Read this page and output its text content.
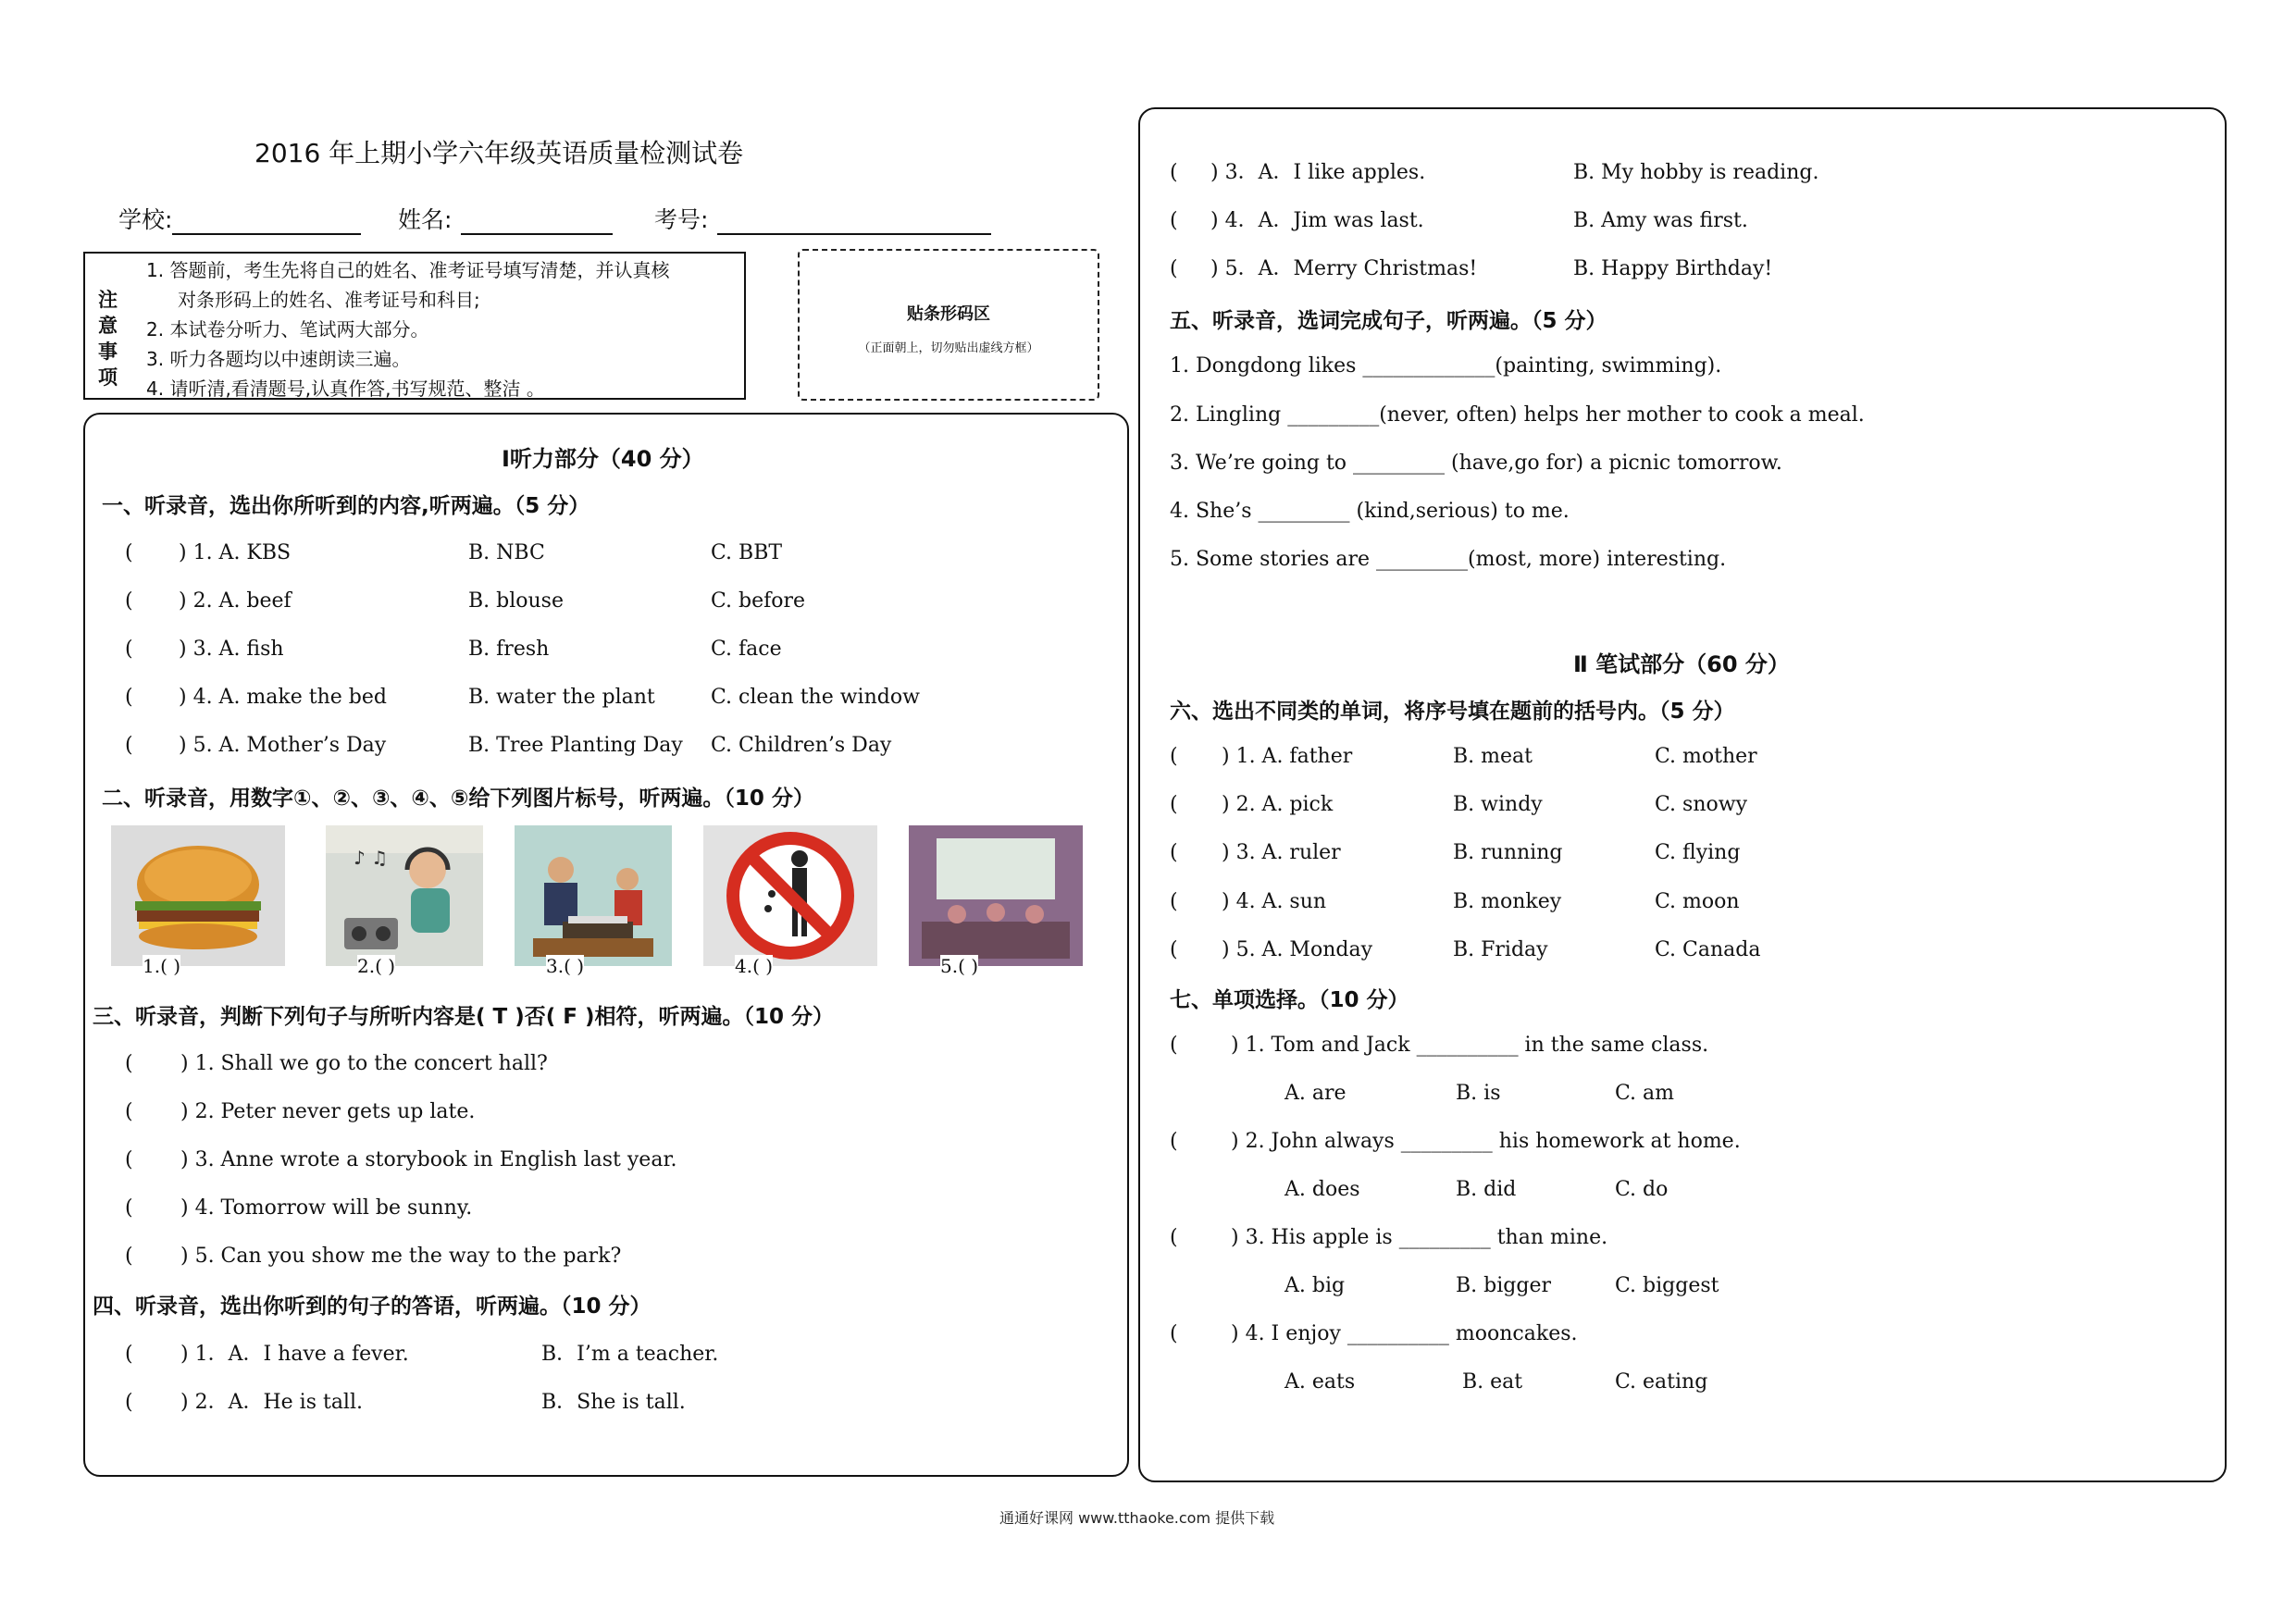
2016 年上期小学六年级英语质量检测试卷
学校:	姓名:	考号:
注
意
事
项
1. 答题前，考生先将自己的姓名、准考证号填写清楚，并认真核
对条形码上的姓名、准考证号和科目;
2. 本试卷分听力、笔试两大部分。
3. 听力各题均以中速朗读三遍。
4. 请听清,看清题号,认真作答,书写规范、整洁 。
贴条形码区
（正面朝上，切勿贴出虚线方框）
Ⅰ听力部分（40 分）
一、听录音，选出你所听到的内容,听两遍。（5 分）
( ) 1. A. KBS	B. NBC	C. BBT
( ) 2. A. beef	B. blouse	C. before
( ) 3. A. fish	B. fresh	C. face
( ) 4. A. make the bed	B. water the plant	C. clean the window
( ) 5. A. Mother’s Day	B. Tree Planting Day C. Children’s Day
二、听录音，用数字①、②、③、④、⑤给下列图片标号，听两遍。（10 分）
1.( )
♪ ♫
2.( )	3.( )	4.( )	5.( )
三、听录音，判断下列句子与所听内容是( T )否( F )相符，听两遍。（10 分）
( ) 1. Shall we go to the concert hall?
( ) 2. Peter never gets up late.
( ) 3. Anne wrote a storybook in English last year.
( ) 4. Tomorrow will be sunny.
( ) 5. Can you show me the way to the park?
四、听录音，选出你听到的句子的答语，听两遍。（10 分）
( ) 1．A．I have a fever.	B．I’m a teacher.
( ) 2．A．He is tall.	B．She is tall.
( ) 3．A．I like apples.	B. My hobby is reading.
( ) 4．A．Jim was last.	B. Amy was first.
( ) 5．A．Merry Christmas!	B. Happy Birthday!
五、听录音，选词完成句子，听两遍。（5 分）
1. Dongdong likes _____________(painting, swimming).
2. Lingling _________(never, often) helps her mother to cook a meal.
3. We’re going to _________ (have,go for) a picnic tomorrow.
4. She’s _________ (kind,serious) to me.
5. Some stories are _________(most, more) interesting.
Ⅱ 笔试部分（60 分）
六、选出不同类的单词，将序号填在题前的括号内。（5 分）
( ) 1. A. father	B. meat	C. mother
( ) 2. A. pick	B. windy	C. snowy
( ) 3. A. ruler	B. running	C. flying
( ) 4. A. sun	B. monkey	C. moon
( ) 5. A. Monday	B. Friday	C. Canada
七、单项选择。（10 分）
(	) 1. Tom and Jack __________ in the same class.
A. are	B. is	C. am
(	) 2. John always _________ his homework at home.
A. does	B. did	C. do
(	) 3. His apple is _________ than mine.
A. big	B. bigger	C. biggest
(	) 4. I enjoy __________ mooncakes.
A. eats	B. eat	C. eating
通通好课网 www.tthaoke.com 提供下载
